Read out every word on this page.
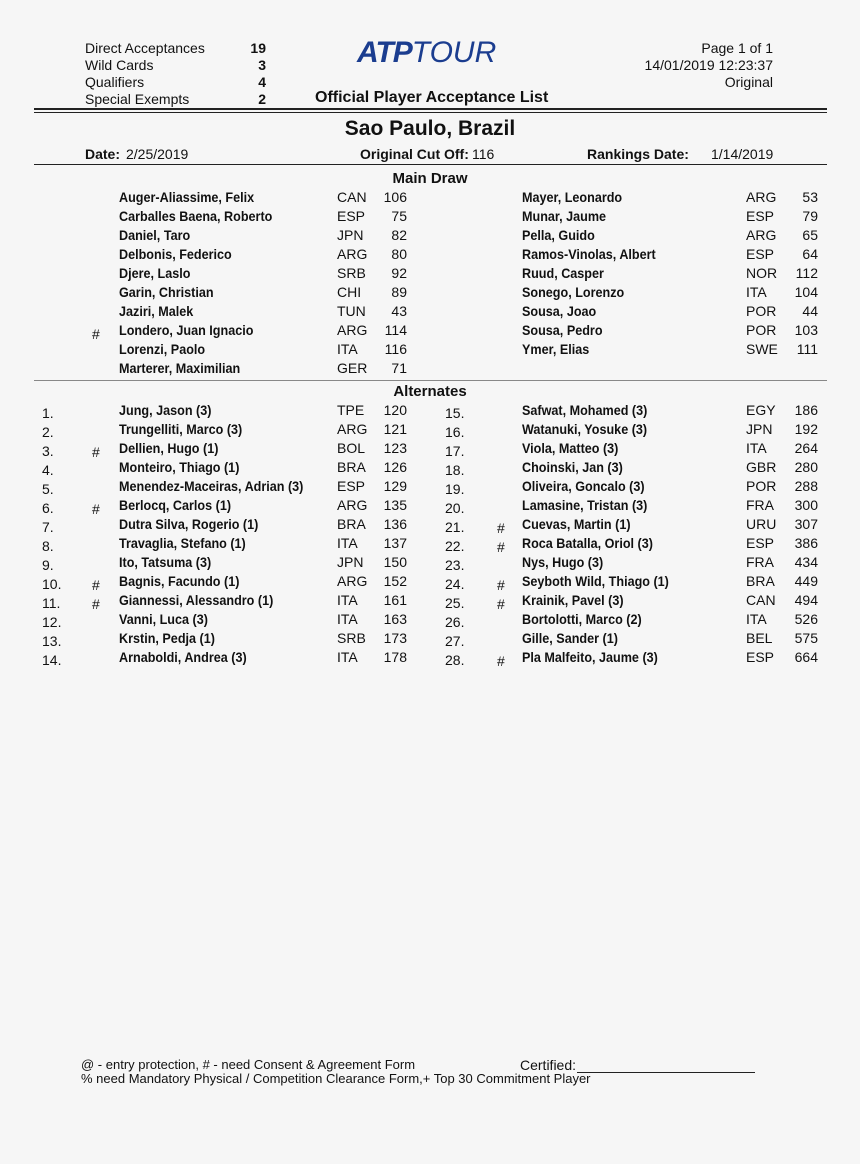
Direct Acceptances	19
Wild Cards	3
Qualifiers	4
Special Exempts	2
ATPTOUR
Official Player Acceptance List
Page 1 of 1
14/01/2019 12:23:37
Original
Sao Paulo, Brazil
Date: 2/25/2019	Original Cut Off: 116	Rankings Date: 1/14/2019
Main Draw
Auger-Aliassime, Felix	CAN	106
Carballes Baena, Roberto	ESP	75
Daniel, Taro	JPN	82
Delbonis, Federico	ARG	80
Djere, Laslo	SRB	92
Garin, Christian	CHI	89
Jaziri, Malek	TUN	43
# Londero, Juan Ignacio	ARG	114
Lorenzi, Paolo	ITA	116
Marterer, Maximilian	GER	71
Mayer, Leonardo	ARG	53
Munar, Jaume	ESP	79
Pella, Guido	ARG	65
Ramos-Vinolas, Albert	ESP	64
Ruud, Casper	NOR	112
Sonego, Lorenzo	ITA	104
Sousa, Joao	POR	44
Sousa, Pedro	POR	103
Ymer, Elias	SWE	111
Alternates
1.	Jung, Jason (3)	TPE	120
2.	Trungelliti, Marco (3)	ARG	121
3.	# Dellien, Hugo (1)	BOL	123
4.	Monteiro, Thiago (1)	BRA	126
5.	Menendez-Maceiras, Adrian (3) ESP	129
6.	# Berlocq, Carlos (1)	ARG	135
7.	Dutra Silva, Rogerio (1)	BRA	136
8.	Travaglia, Stefano (1)	ITA	137
9.	Ito, Tatsuma (3)	JPN	150
10. # Bagnis, Facundo (1)	ARG	152
11. # Giannessi, Alessandro (1)	ITA	161
12.	Vanni, Luca (3)	ITA	163
13.	Krstin, Pedja (1)	SRB	173
14.	Arnaboldi, Andrea (3)	ITA	178
15.	Safwat, Mohamed (3)	EGY	186
16.	Watanuki, Yosuke (3)	JPN	192
17.	Viola, Matteo (3)	ITA	264
18.	Choinski, Jan (3)	GBR	280
19.	Oliveira, Goncalo (3)	POR	288
20.	Lamasine, Tristan (3)	FRA	300
21. # Cuevas, Martin (1)	URU	307
22. # Roca Batalla, Oriol (3)	ESP	386
23.	Nys, Hugo (3)	FRA	434
24. # Seyboth Wild, Thiago (1)	BRA	449
25. # Krainik, Pavel (3)	CAN	494
26.	Bortolotti, Marco (2)	ITA	526
27.	Gille, Sander (1)	BEL	575
28. # Pla Malfeito, Jaume (3)	ESP	664
@ - entry protection, # - need Consent & Agreement Form
% need Mandatory Physical / Competition Clearance Form,+ Top 30 Commitment Player
Certified:
